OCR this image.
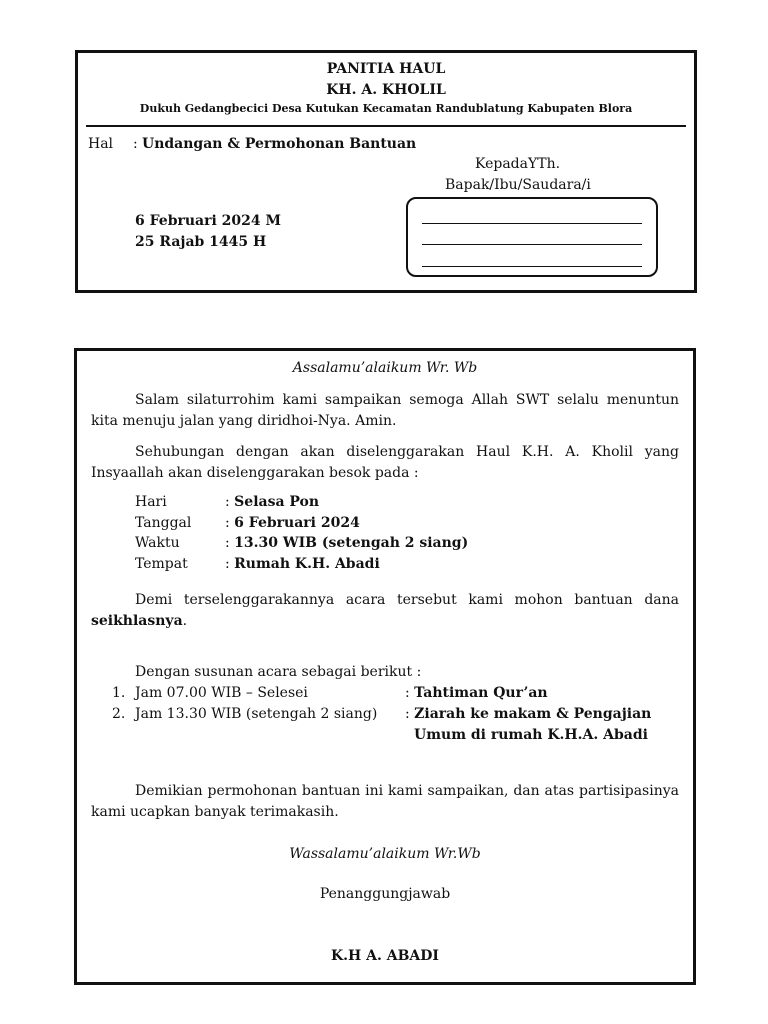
PANITIA HAUL
KH. A. KHOLIL
Dukuh Gedangbecici Desa Kutukan Kecamatan Randublatung Kabupaten Blora
Hal : Undangan & Permohonan Bantuan
KepadaYTh.
Bapak/Ibu/Saudara/i
6 Februari 2024 M
25 Rajab 1445 H
Assalamu’alaikum Wr. Wb
Salam silaturrohim kami sampaikan semoga Allah SWT selalu menuntun kita menuju jalan yang diridhoi-Nya. Amin.
Sehubungan dengan akan diselenggarakan Haul K.H. A. Kholil yang Insyaallah akan diselenggarakan besok pada :
Hari	: Selasa Pon
Tanggal : 6 Februari 2024
Waktu	: 13.30 WIB (setengah 2 siang)
Tempat	: Rumah K.H. Abadi
Demi terselenggarakannya acara tersebut kami mohon bantuan dana seikhlasnya.
Dengan susunan acara sebagai berikut :
1. Jam 07.00 WIB – Selesei	: Tahtiman Qur’an
2. Jam 13.30 WIB (setengah 2 siang) : Ziarah ke makam & Pengajian
Umum di rumah K.H.A. Abadi
Demikian permohonan bantuan ini kami sampaikan, dan atas partisipasinya kami ucapkan banyak terimakasih.
Wassalamu’alaikum Wr.Wb
Penanggungjawab
K.H A. ABADI
